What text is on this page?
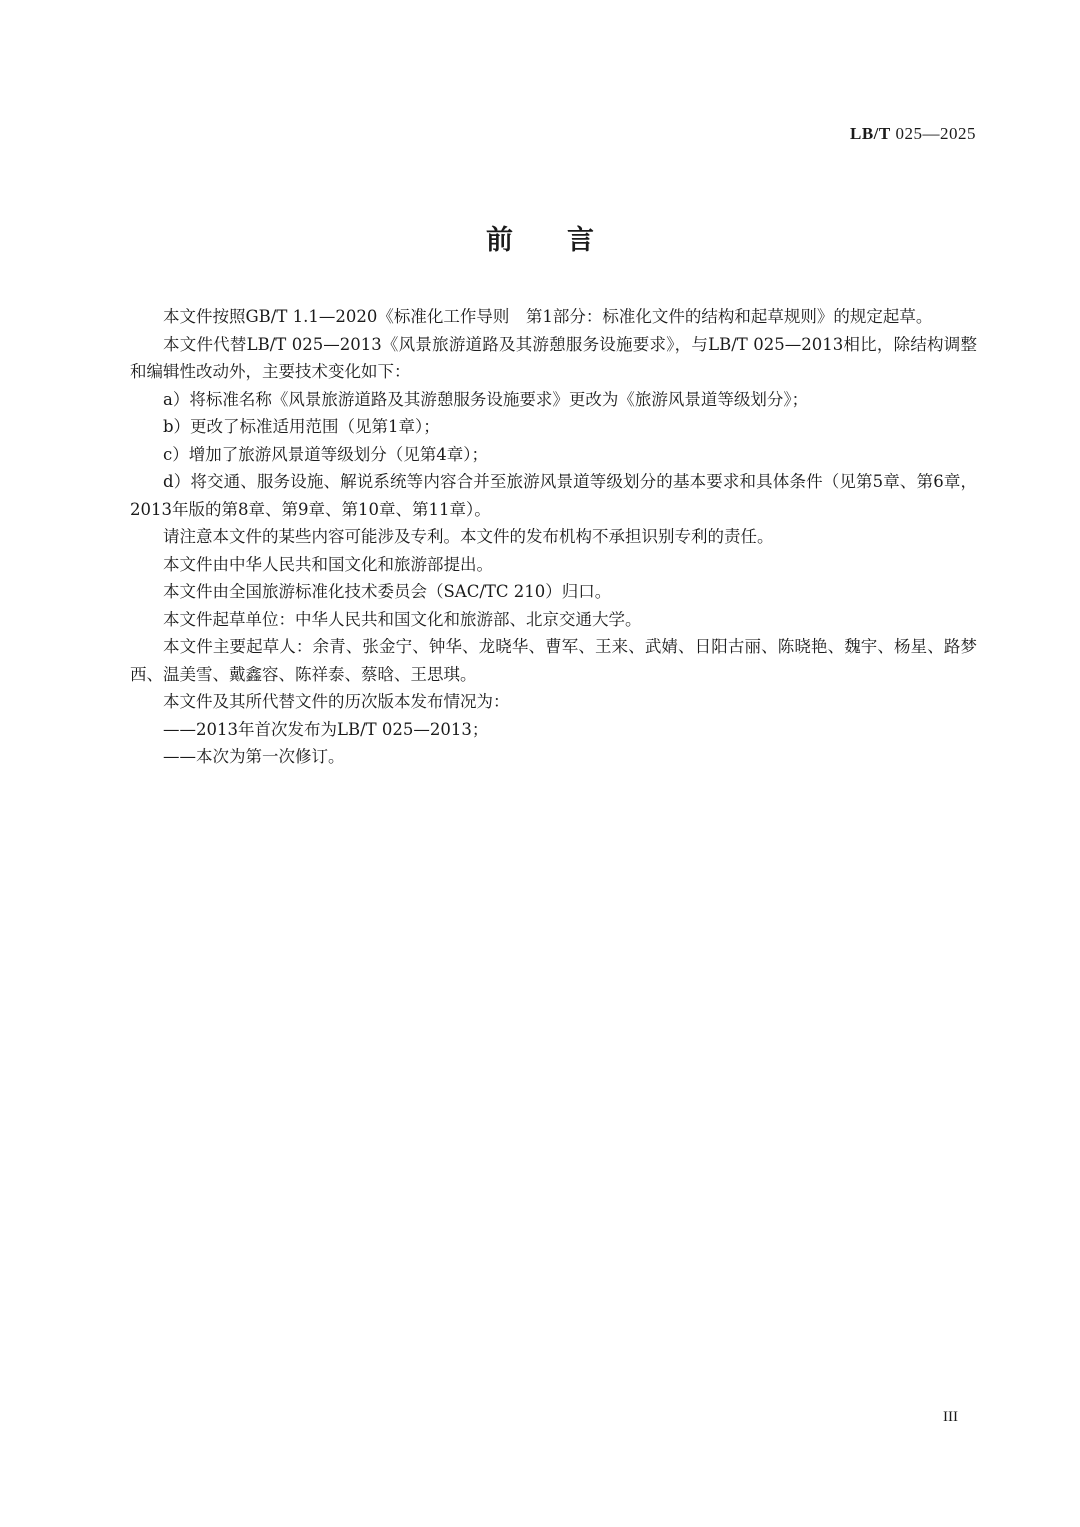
LB/T 025—2025
前言

本文件按照GB/T 1.1—2020《标准化工作导则　第1部分：标准化文件的结构和起草规则》的规定起草。

本文件代替LB/T 025—2013《风景旅游道路及其游憩服务设施要求》，与LB/T 025—2013相比，除结构调整和编辑性改动外，主要技术变化如下：

a）将标准名称《风景旅游道路及其游憩服务设施要求》更改为《旅游风景道等级划分》；

b）更改了标准适用范围（见第1章）；

c）增加了旅游风景道等级划分（见第4章）；

d）将交通、服务设施、解说系统等内容合并至旅游风景道等级划分的基本要求和具体条件（见第5章、第6章，2013年版的第8章、第9章、第10章、第11章）。

请注意本文件的某些内容可能涉及专利。本文件的发布机构不承担识别专利的责任。

本文件由中华人民共和国文化和旅游部提出。

本文件由全国旅游标准化技术委员会（SAC/TC 210）归口。

本文件起草单位：中华人民共和国文化和旅游部、北京交通大学。

本文件主要起草人：余青、张金宁、钟华、龙晓华、曹军、王来、武婧、日阳古丽、陈晓艳、魏宇、杨星、路梦西、温美雪、戴鑫容、陈祥泰、蔡晗、王思琪。

本文件及其所代替文件的历次版本发布情况为：

——2013年首次发布为LB/T 025—2013；

——本次为第一次修订。

III
